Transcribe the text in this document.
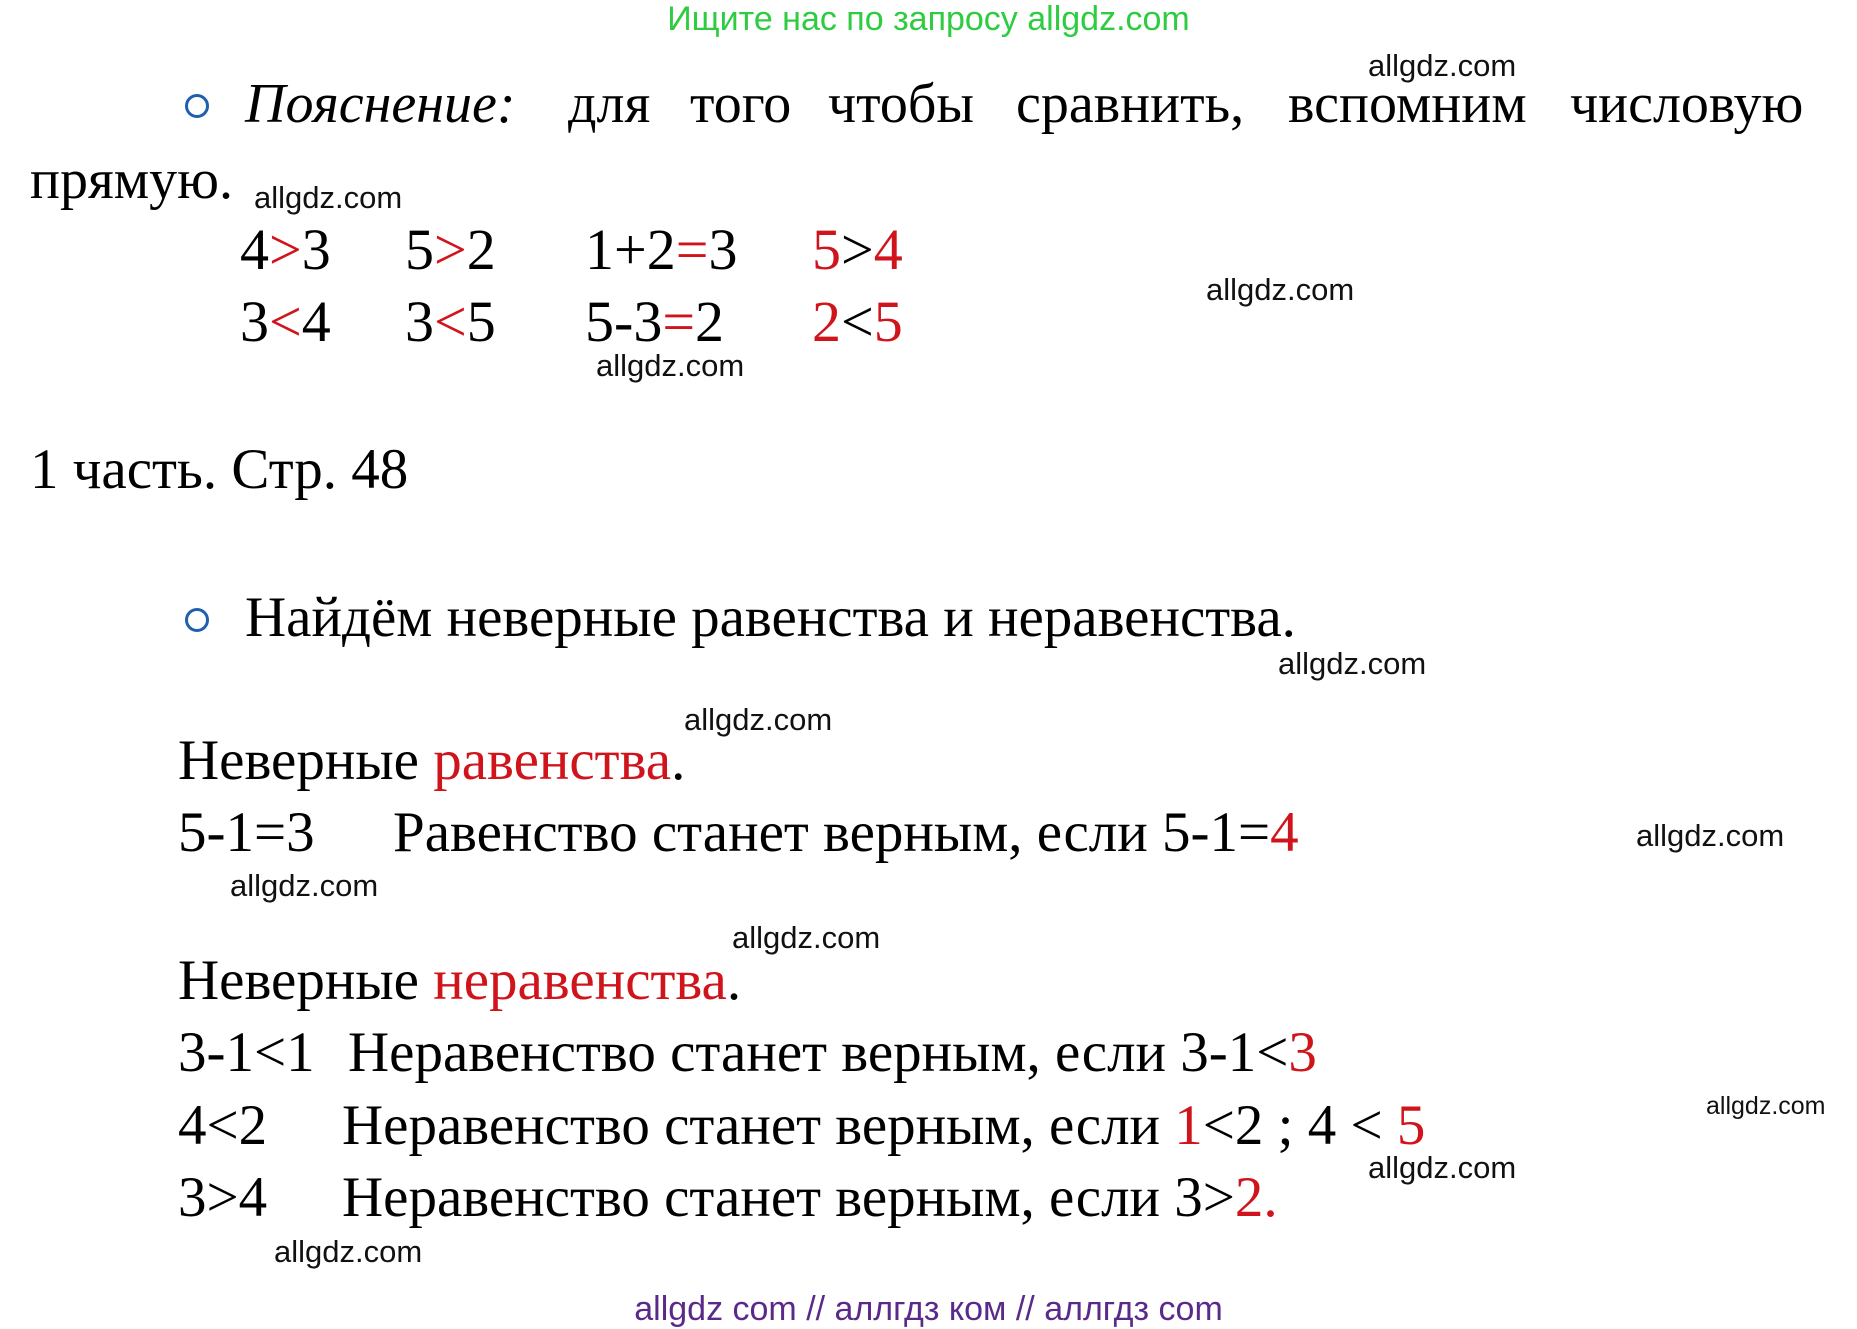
Ищите нас по запросу allgdz.com
Пояснение: для того чтобы сравнить, вспомним числовую
прямую.
4>3 5>2 1+2=3 5>4
3<4 3<5 5-3=2 2<5
1 часть. Стр. 48
Найдём неверные равенства и неравенства.
Неверные равенства.
5-1=3 Равенство станет верным, если 5-1=4
Неверные неравенства.
3-1<1 Неравенство станет верным, если 3-1<3
4<2 Неравенство станет верным, если 1<2 ; 4 < 5
3>4 Неравенство станет верным, если 3>2.
allgdz.com
allgdz.com
allgdz.com
allgdz.com
allgdz.com
allgdz.com
allgdz.com
allgdz.com
allgdz.com
allgdz.com
allgdz.com
allgdz.com
allgdz com // аллгдз ком // аллгдз com
